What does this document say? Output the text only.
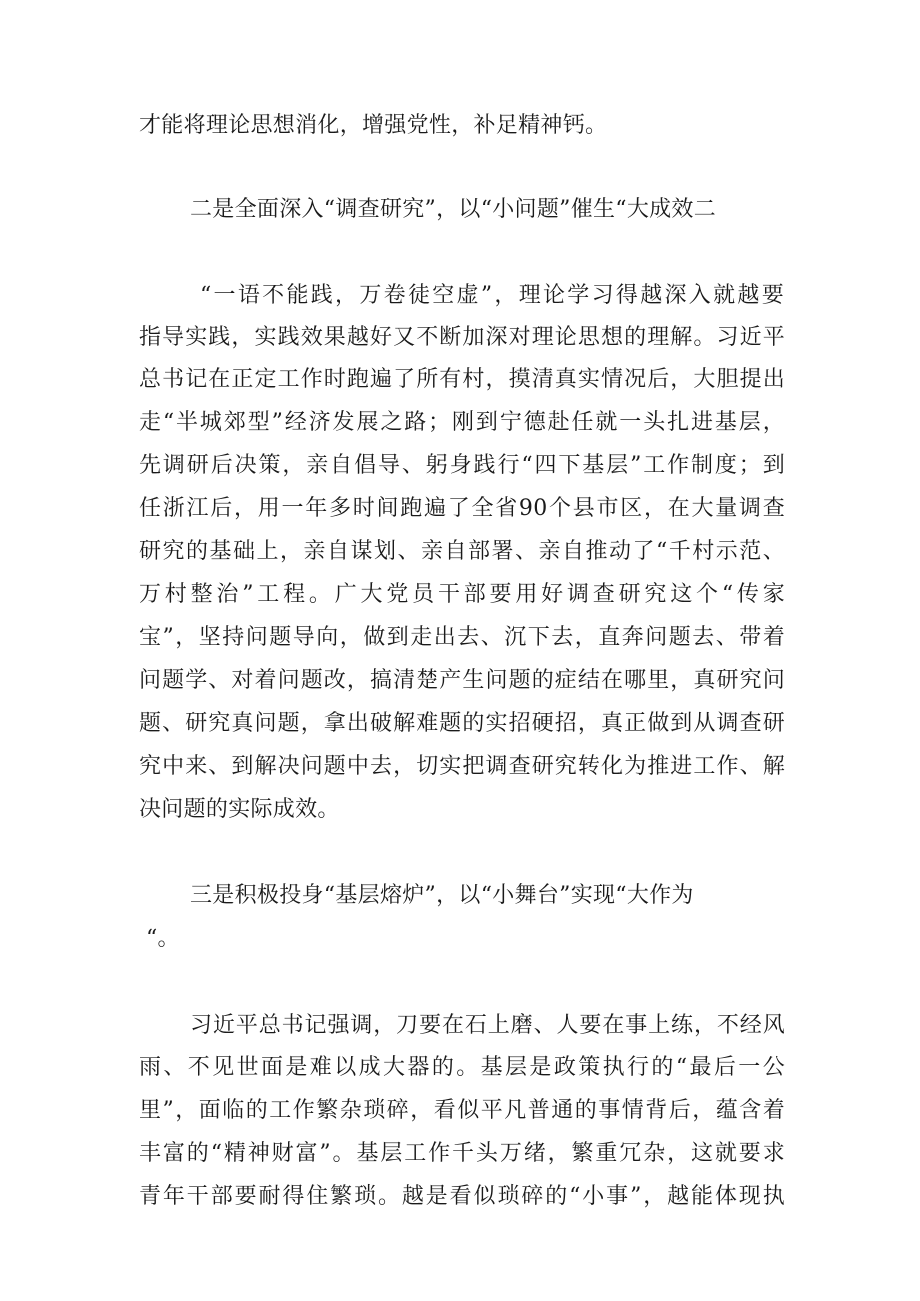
才能将理论思想消化，增强党性，补足精神钙。
二是全面深入“调查研究”，以“小问题”催生“大成效二
“一语不能践，万卷徒空虚”，理论学习得越深入就越要
指导实践，实践效果越好又不断加深对理论思想的理解。习近平
总书记在正定工作时跑遍了所有村，摸清真实情况后，大胆提出
走“半城郊型”经济发展之路；刚到宁德赴任就一头扎进基层，
先调研后决策，亲自倡导、躬身践行“四下基层”工作制度；到
任浙江后，用一年多时间跑遍了全省90个县市区，在大量调查
研究的基础上，亲自谋划、亲自部署、亲自推动了“千村示范、
万村整治”工程。广大党员干部要用好调查研究这个“传家
宝”，坚持问题导向，做到走出去、沉下去，直奔问题去、带着
问题学、对着问题改，搞清楚产生问题的症结在哪里，真研究问
题、研究真问题，拿出破解难题的实招硬招，真正做到从调查研
究中来、到解决问题中去，切实把调查研究转化为推进工作、解
决问题的实际成效。
三是积极投身“基层熔炉”，以“小舞台”实现“大作为
“。
习近平总书记强调，刀要在石上磨、人要在事上练，不经风
雨、不见世面是难以成大器的。基层是政策执行的“最后一公
里”，面临的工作繁杂琐碎，看似平凡普通的事情背后，蕴含着
丰富的“精神财富”。基层工作千头万绪，繁重冗杂，这就要求
青年干部要耐得住繁琐。越是看似琐碎的“小事”，越能体现执
